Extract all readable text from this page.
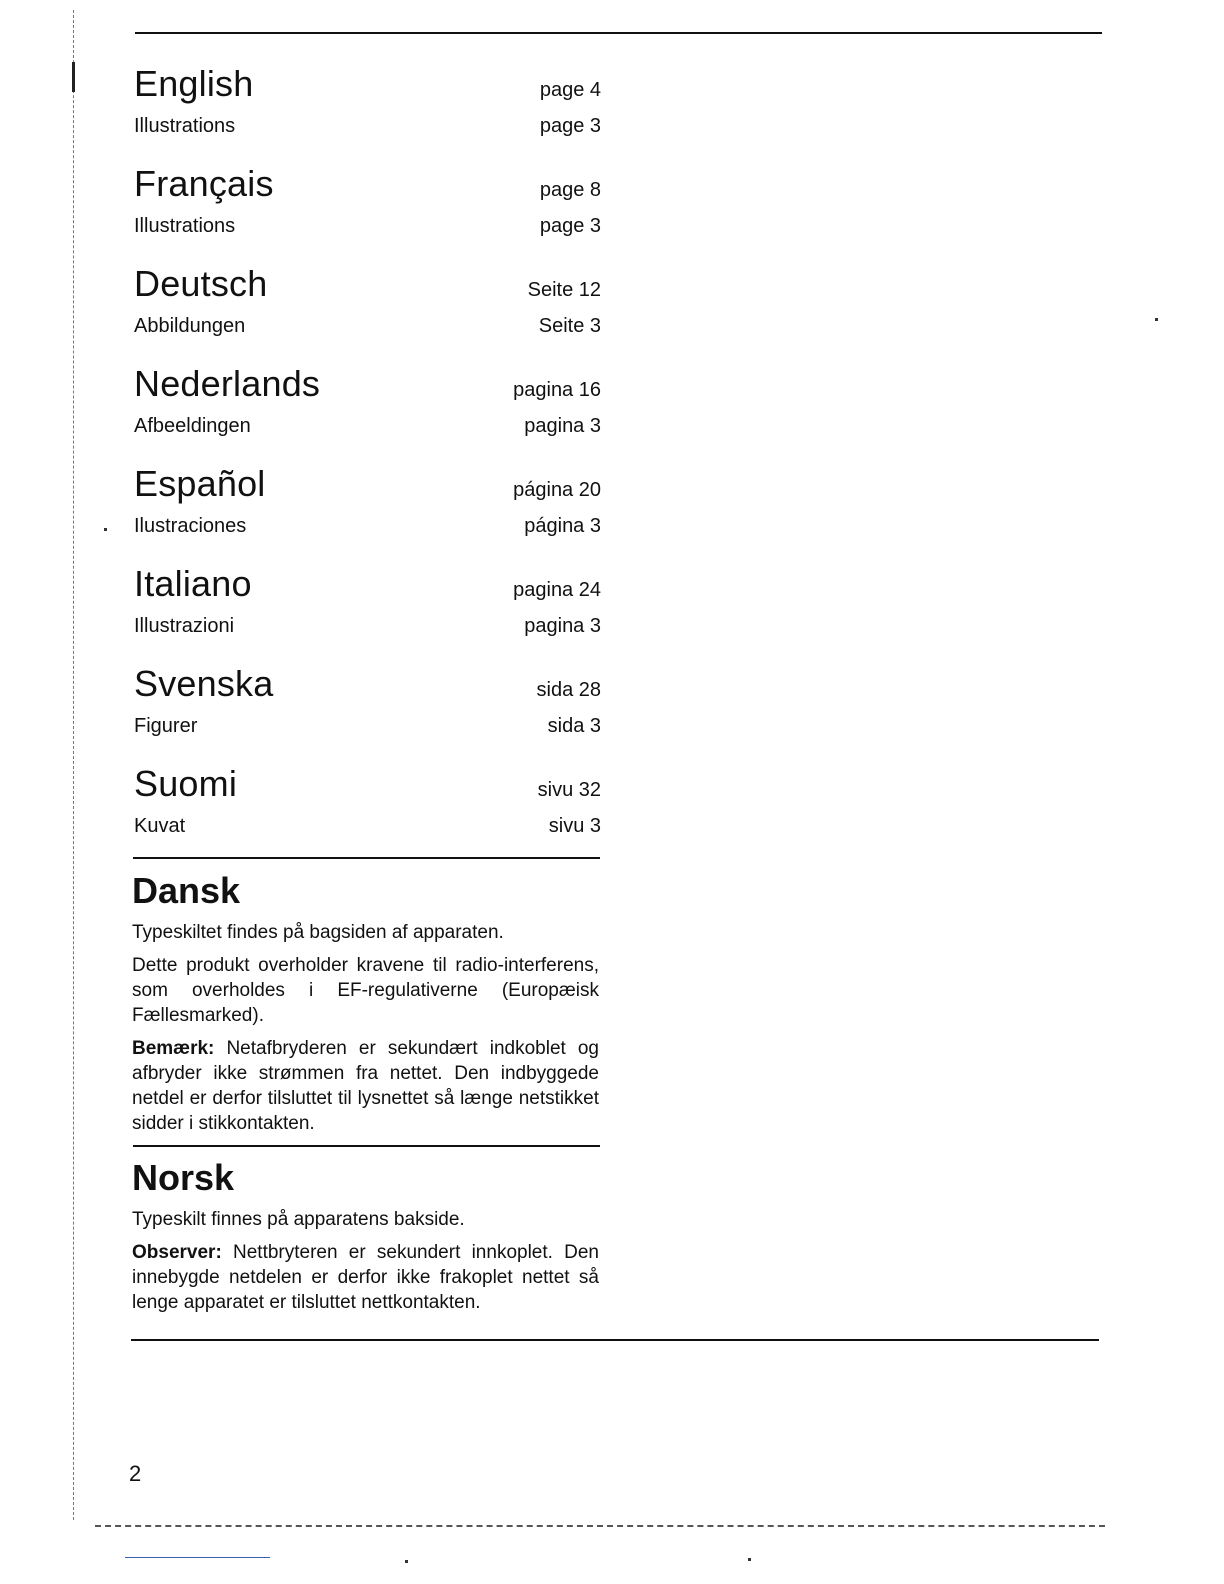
English	page 4
Illustrations	page 3
Français	page 8
Illustrations	page 3
Deutsch	Seite 12
Abbildungen	Seite 3
Nederlands	pagina 16
Afbeeldingen	pagina 3
Español	página 20
Ilustraciones	página 3
Italiano	pagina 24
Illustrazioni	pagina 3
Svenska	sida 28
Figurer	sida 3
Suomi	sivu 32
Kuvat	sivu 3
Dansk

Typeskiltet findes på bagsiden af apparaten.

Dette produkt overholder kravene til radio-interferens, som overholdes i EF-regulativerne (Europæisk Fællesmarked).

Bemærk: Netafbryderen er sekundært indkoblet og afbryder ikke strømmen fra nettet. Den indbyggede netdel er derfor tilsluttet til lysnettet så længe netstikket sidder i stikkontakten.

Norsk

Typeskilt finnes på apparatens bakside.

Observer: Nettbryteren er sekundert innkoplet. Den innebygde netdelen er derfor ikke frakoplet nettet så lenge apparatet er tilsluttet nettkontakten.

2
